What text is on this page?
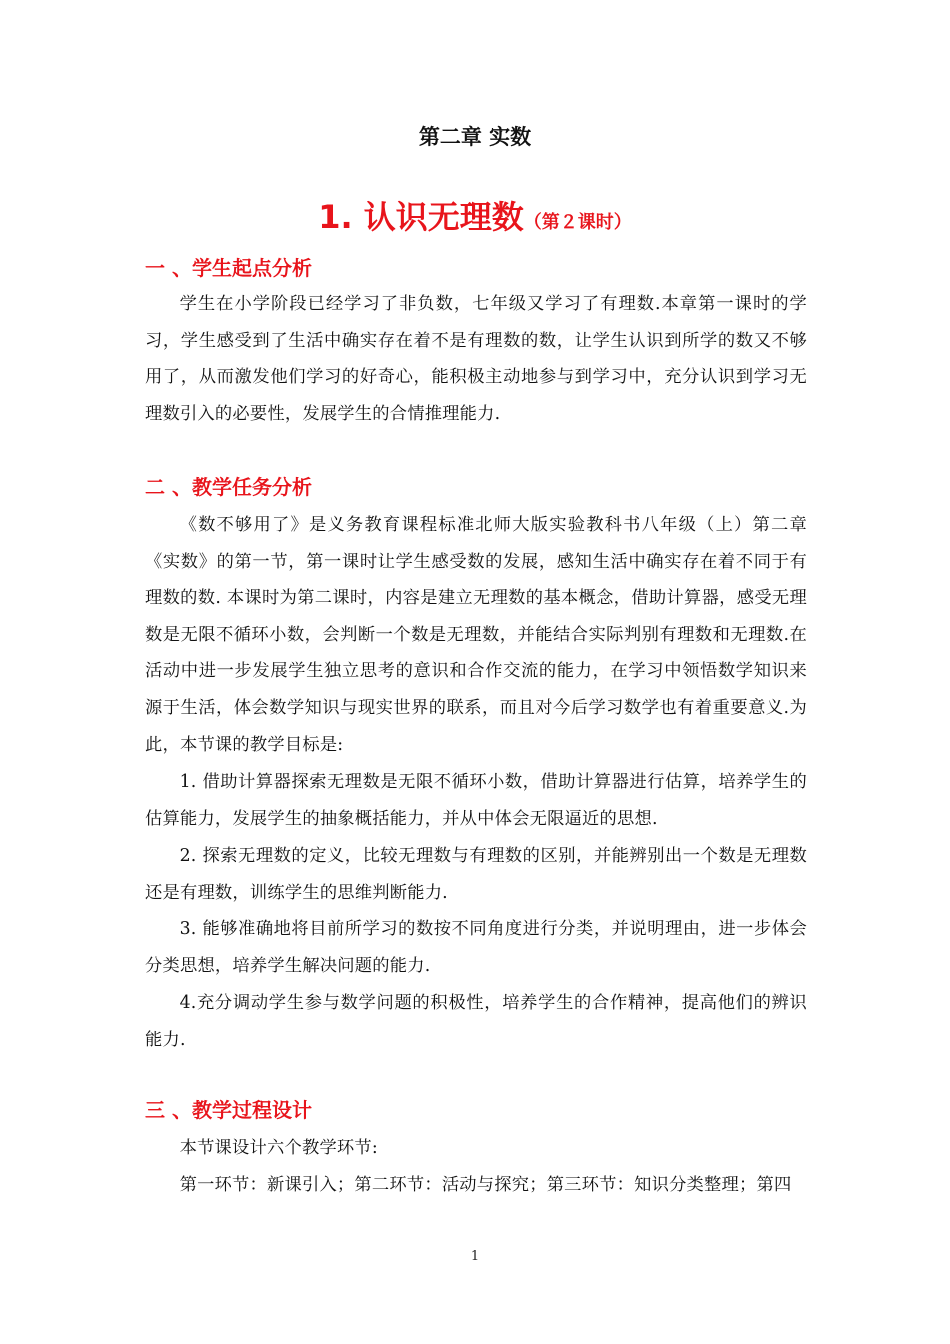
第二章 实数
1. 认识无理数（第２课时）
一 、学生起点分析
学生在小学阶段已经学习了非负数，七年级又学习了有理数.本章第一课时的学习，学生感受到了生活中确实存在着不是有理数的数，让学生认识到所学的数又不够用了，从而激发他们学习的好奇心，能积极主动地参与到学习中，充分认识到学习无理数引入的必要性，发展学生的合情推理能力.
二 、教学任务分析
《数不够用了》是义务教育课程标准北师大版实验教科书八年级（上）第二章《实数》的第一节，第一课时让学生感受数的发展，感知生活中确实存在着不同于有理数的数. 本课时为第二课时，内容是建立无理数的基本概念，借助计算器，感受无理数是无限不循环小数，会判断一个数是无理数，并能结合实际判别有理数和无理数.在活动中进一步发展学生独立思考的意识和合作交流的能力，在学习中领悟数学知识来源于生活，体会数学知识与现实世界的联系，而且对今后学习数学也有着重要意义.为此，本节课的教学目标是:
1. 借助计算器探索无理数是无限不循环小数，借助计算器进行估算，培养学生的估算能力，发展学生的抽象概括能力，并从中体会无限逼近的思想.
2. 探索无理数的定义，比较无理数与有理数的区别，并能辨别出一个数是无理数还是有理数，训练学生的思维判断能力.
3. 能够准确地将目前所学习的数按不同角度进行分类，并说明理由，进一步体会分类思想，培养学生解决问题的能力.
4.充分调动学生参与数学问题的积极性，培养学生的合作精神，提高他们的辨识能力.
三 、教学过程设计
本节课设计六个教学环节:
第一环节：新课引入；第二环节：活动与探究；第三环节：知识分类整理；第四
1
